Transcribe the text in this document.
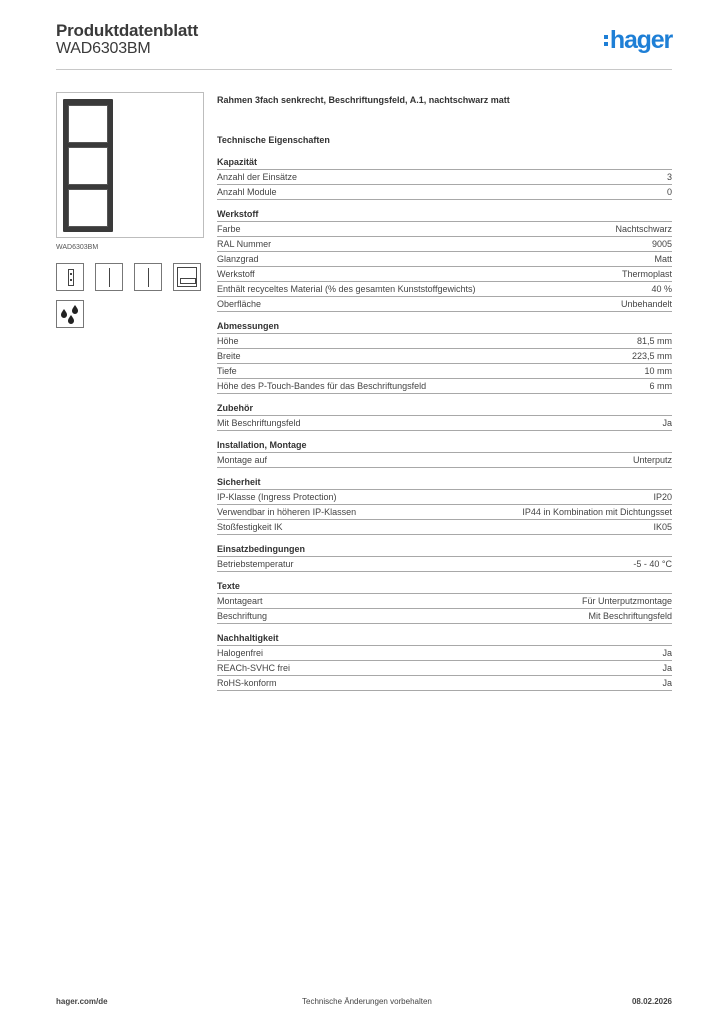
Produktdatenblatt
WAD6303BM	hager
WAD6303BM
Rahmen 3fach senkrecht, Beschriftungsfeld, A.1, nachtschwarz matt
Technische Eigenschaften
Kapazität
Anzahl der Einsätze	3
Anzahl Module	0
Werkstoff
Farbe	Nachtschwarz
RAL Nummer	9005
Glanzgrad	Matt
Werkstoff	Thermoplast
Enthält recyceltes Material (% des gesamten Kunststoffgewichts)	40 %
Oberfläche	Unbehandelt
Abmessungen
Höhe	81,5 mm
Breite	223,5 mm
Tiefe	10 mm
Höhe des P-Touch-Bandes für das Beschriftungsfeld	6 mm
Zubehör
Mit Beschriftungsfeld	Ja
Installation, Montage
Montage auf	Unterputz
Sicherheit
IP-Klasse (Ingress Protection)	IP20
Verwendbar in höheren IP-Klassen	IP44 in Kombination mit Dichtungsset
Stoßfestigkeit IK	IK05
Einsatzbedingungen
Betriebstemperatur	-5 - 40 °C
Texte
Montageart	Für Unterputzmontage
Beschriftung	Mit Beschriftungsfeld
Nachhaltigkeit
Halogenfrei	Ja
REACh-SVHC frei	Ja
RoHS-konform	Ja
hager.com/de	Technische Änderungen vorbehalten	08.02.2026
